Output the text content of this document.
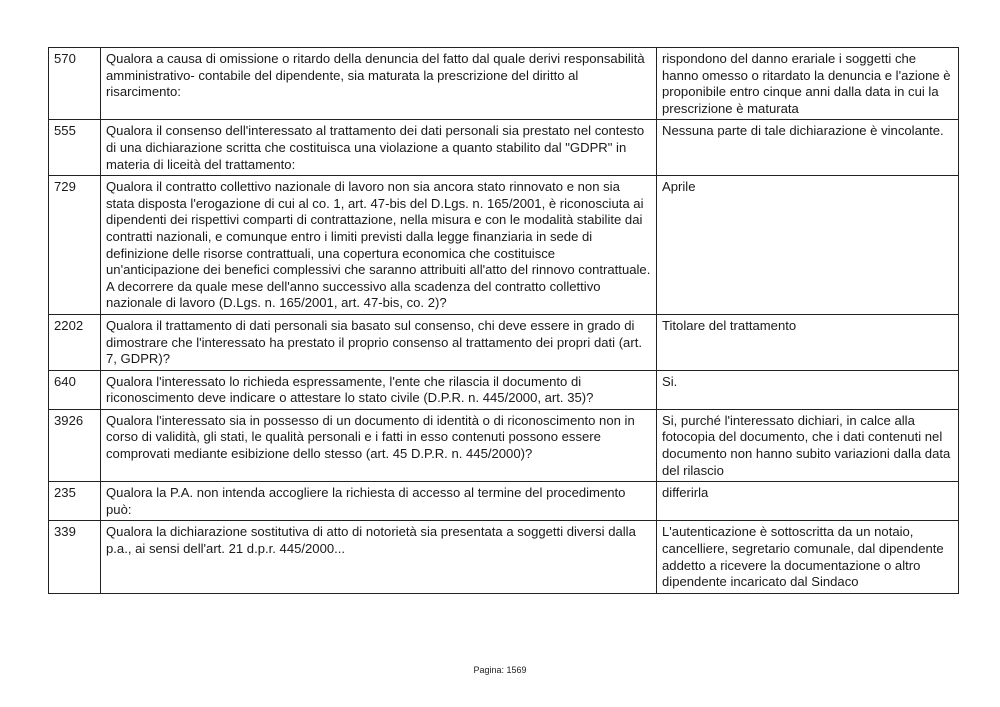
570	Qualora a causa di omissione o ritardo della denuncia del fatto dal quale derivi responsabilità amministrativo- contabile del dipendente, sia maturata la prescrizione del diritto al risarcimento:	rispondono del danno erariale i soggetti che hanno omesso o ritardato la denuncia e l'azione è proponibile entro cinque anni dalla data in cui la prescrizione è maturata
555	Qualora il consenso dell'interessato al trattamento dei dati personali sia prestato nel contesto di una dichiarazione scritta che costituisca una violazione a quanto stabilito dal "GDPR" in materia di liceità del trattamento:	Nessuna parte di tale dichiarazione è vincolante.
729	Qualora il contratto collettivo nazionale di lavoro non sia ancora stato rinnovato e non sia stata disposta l'erogazione di cui al co. 1, art. 47-bis del D.Lgs. n. 165/2001, è riconosciuta ai dipendenti dei rispettivi comparti di contrattazione, nella misura e con le modalità stabilite dai contratti nazionali, e comunque entro i limiti previsti dalla legge finanziaria in sede di definizione delle risorse contrattuali, una copertura economica che costituisce un'anticipazione dei benefici complessivi che saranno attribuiti all'atto del rinnovo contrattuale. A decorrere da quale mese dell'anno successivo alla scadenza del contratto collettivo nazionale di lavoro (D.Lgs. n. 165/2001, art. 47-bis, co. 2)?	Aprile
2202	Qualora il trattamento di dati personali sia basato sul consenso, chi deve essere in grado di dimostrare che l'interessato ha prestato il proprio consenso al trattamento dei propri dati (art. 7, GDPR)?	Titolare del trattamento
640	Qualora l'interessato lo richieda espressamente, l'ente che rilascia il documento di riconoscimento deve indicare o attestare lo stato civile (D.P.R. n. 445/2000, art. 35)?	Si.
3926	Qualora l'interessato sia in possesso di un documento di identità o di riconoscimento non in corso di validità, gli stati, le qualità personali e i fatti in esso contenuti possono essere comprovati mediante esibizione dello stesso (art. 45 D.P.R. n. 445/2000)?	Si, purché l'interessato dichiari, in calce alla fotocopia del documento, che i dati contenuti nel documento non hanno subito variazioni dalla data del rilascio
235	Qualora la P.A. non intenda accogliere la richiesta di accesso al termine del procedimento può:	differirla
339	Qualora la dichiarazione sostitutiva di atto di notorietà sia presentata a soggetti diversi dalla p.a., ai sensi dell'art. 21 d.p.r. 445/2000...	L'autenticazione è sottoscritta da un notaio, cancelliere, segretario comunale, dal dipendente addetto a ricevere la documentazione o altro dipendente incaricato dal Sindaco
Pagina: 1569
